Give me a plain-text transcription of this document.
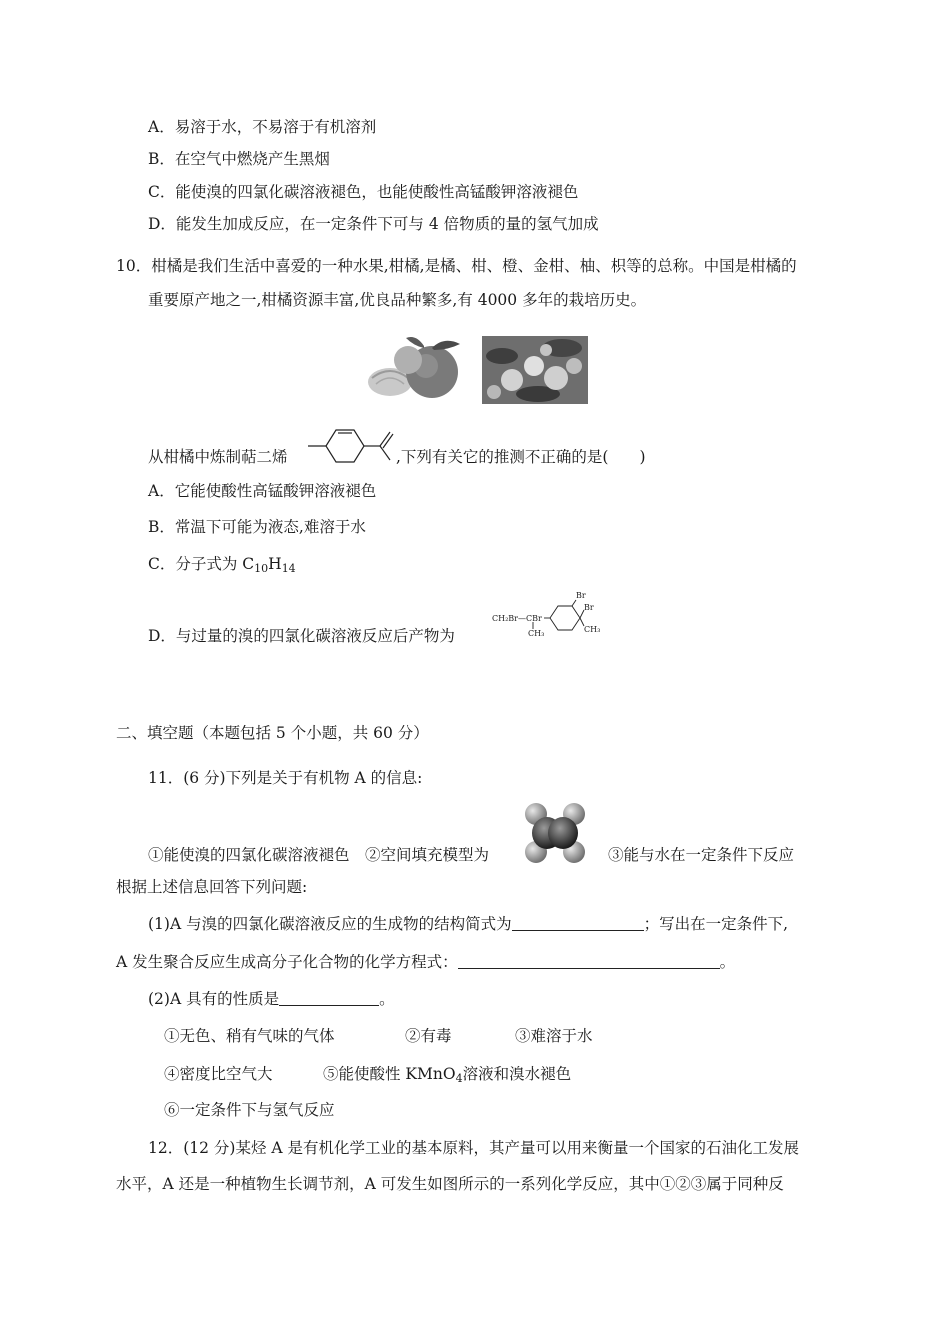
A．易溶于水，不易溶于有机溶剂
B．在空气中燃烧产生黑烟
C．能使溴的四氯化碳溶液褪色，也能使酸性高锰酸钾溶液褪色
D．能发生加成反应，在一定条件下可与 4 倍物质的量的氢气加成
10．柑橘是我们生活中喜爱的一种水果,柑橘,是橘、柑、橙、金柑、柚、枳等的总称。中国是柑橘的
重要原产地之一,柑橘资源丰富,优良品种繁多,有 4000 多年的栽培历史。
从柑橘中炼制萜二烯	,下列有关它的推测不正确的是(　　)
A．它能使酸性高锰酸钾溶液褪色
B．常温下可能为液态,难溶于水
C．分子式为 $C_{10}H_{14}$
D．与过量的溴的四氯化碳溶液反应后产物为
CH₂Br—CBr
CH₃
Br
Br
CH₃
二、填空题（本题包括 5 个小题，共 60 分）
11．(6 分)下列是关于有机物 A 的信息:
①能使溴的四氯化碳溶液褪色　②空间填充模型为	③能与水在一定条件下反应
根据上述信息回答下列问题:
(1)A 与溴的四氯化碳溶液反应的生成物的结构简式为	；写出在一定条件下,
A 发生聚合反应生成高分子化合物的化学方程式：	。
(2)A 具有的性质是	。
①无色、稍有气味的气体	②有毒	③难溶于水
④密度比空气大	⑤能使酸性 KMnO$_4$溶液和溴水褪色
⑥一定条件下与氢气反应
12．(12 分)某烃 A 是有机化学工业的基本原料，其产量可以用来衡量一个国家的石油化工发展
水平，A 还是一种植物生长调节剂，A 可发生如图所示的一系列化学反应，其中①②③属于同种反
